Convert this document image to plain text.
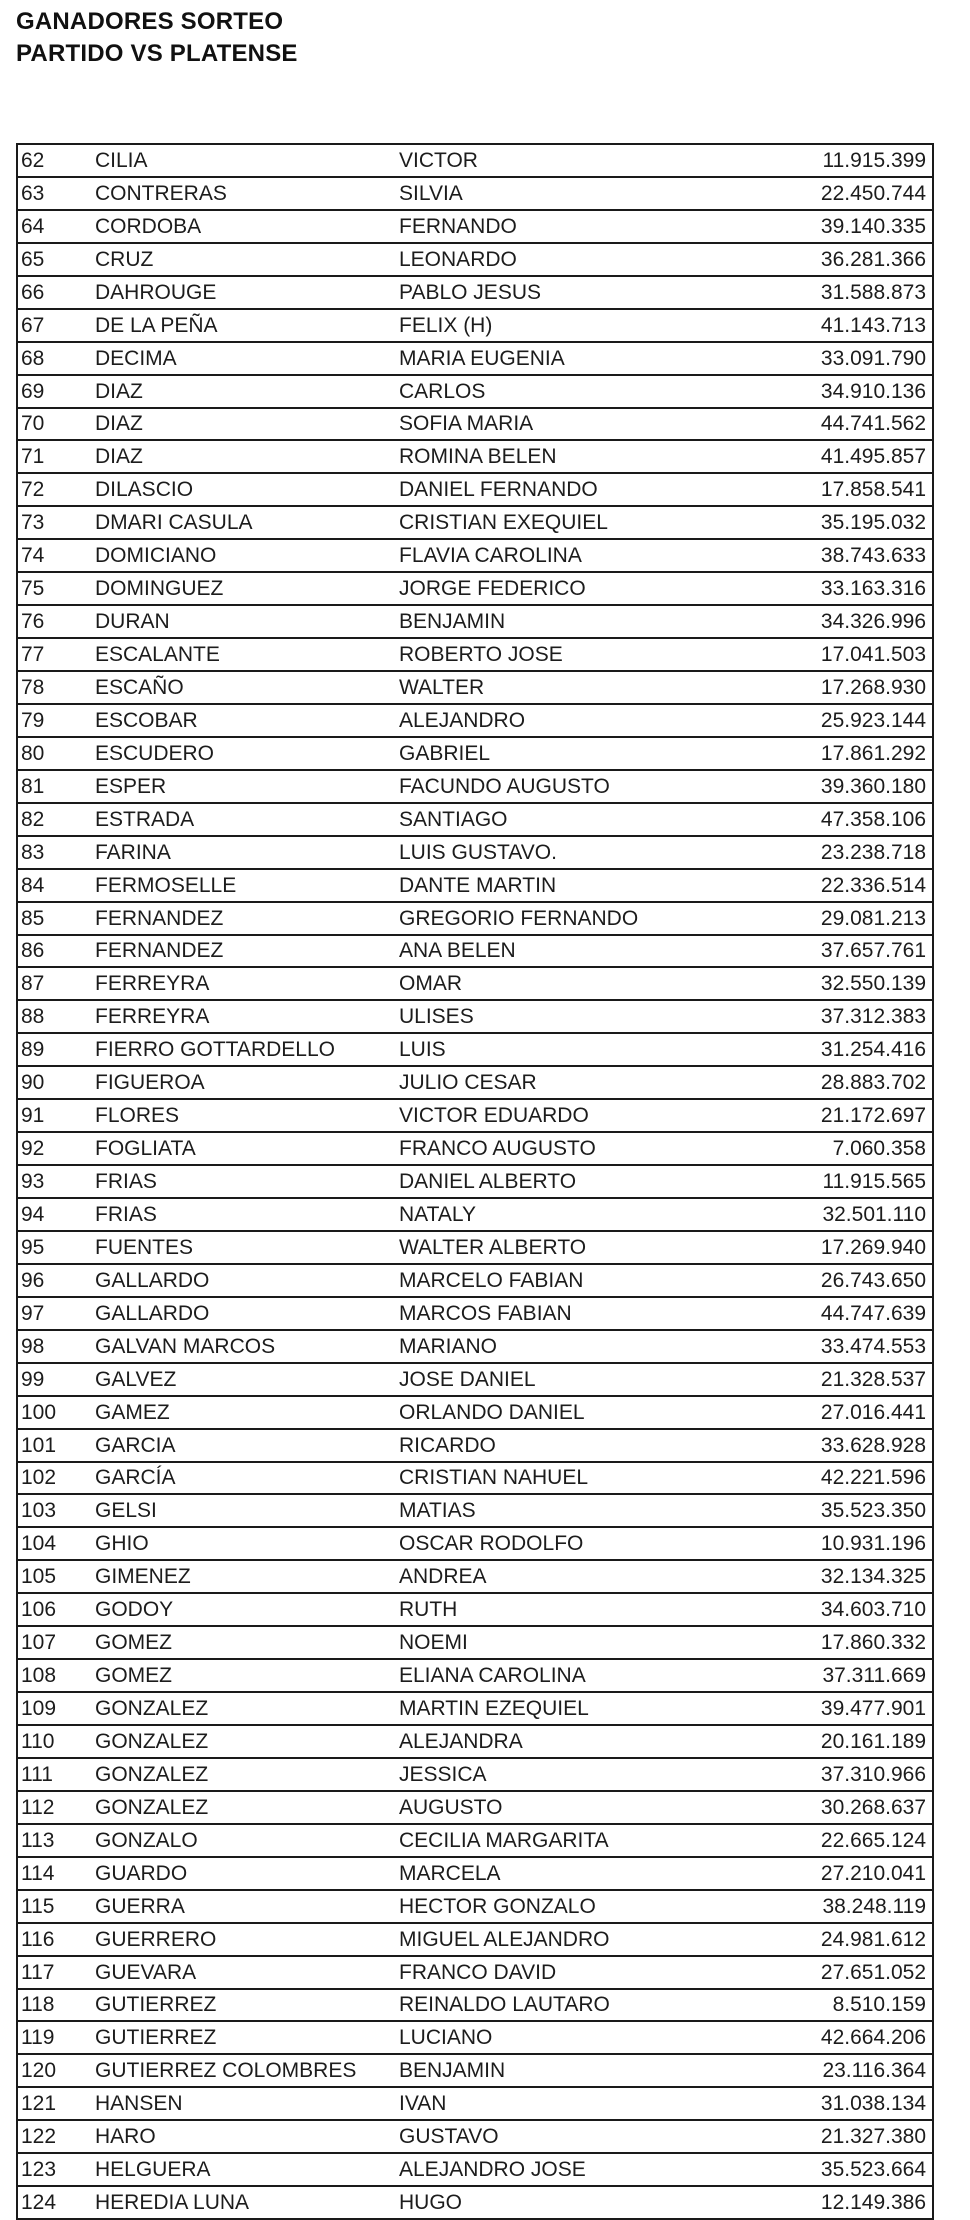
GANADORES SORTEO
PARTIDO VS PLATENSE
62	CILIA	VICTOR	11.915.399
63	CONTRERAS	SILVIA	22.450.744
64	CORDOBA	FERNANDO	39.140.335
65	CRUZ	LEONARDO	36.281.366
66	DAHROUGE	PABLO JESUS	31.588.873
67	DE LA PEÑA	FELIX (H)	41.143.713
68	DECIMA	MARIA EUGENIA	33.091.790
69	DIAZ	CARLOS	34.910.136
70	DIAZ	SOFIA MARIA	44.741.562
71	DIAZ	ROMINA BELEN	41.495.857
72	DILASCIO	DANIEL FERNANDO	17.858.541
73	DMARI CASULA	CRISTIAN EXEQUIEL	35.195.032
74	DOMICIANO	FLAVIA CAROLINA	38.743.633
75	DOMINGUEZ	JORGE FEDERICO	33.163.316
76	DURAN	BENJAMIN	34.326.996
77	ESCALANTE	ROBERTO JOSE	17.041.503
78	ESCAÑO	WALTER	17.268.930
79	ESCOBAR	ALEJANDRO	25.923.144
80	ESCUDERO	GABRIEL	17.861.292
81	ESPER	FACUNDO AUGUSTO	39.360.180
82	ESTRADA	SANTIAGO	47.358.106
83	FARINA	LUIS GUSTAVO.	23.238.718
84	FERMOSELLE	DANTE MARTIN	22.336.514
85	FERNANDEZ	GREGORIO FERNANDO	29.081.213
86	FERNANDEZ	ANA BELEN	37.657.761
87	FERREYRA	OMAR	32.550.139
88	FERREYRA	ULISES	37.312.383
89	FIERRO GOTTARDELLO	LUIS	31.254.416
90	FIGUEROA	JULIO CESAR	28.883.702
91	FLORES	VICTOR EDUARDO	21.172.697
92	FOGLIATA	FRANCO AUGUSTO	7.060.358
93	FRIAS	DANIEL ALBERTO	11.915.565
94	FRIAS	NATALY	32.501.110
95	FUENTES	WALTER ALBERTO	17.269.940
96	GALLARDO	MARCELO FABIAN	26.743.650
97	GALLARDO	MARCOS FABIAN	44.747.639
98	GALVAN MARCOS	MARIANO	33.474.553
99	GALVEZ	JOSE DANIEL	21.328.537
100	GAMEZ	ORLANDO DANIEL	27.016.441
101	GARCIA	RICARDO	33.628.928
102	GARCÍA	CRISTIAN NAHUEL	42.221.596
103	GELSI	MATIAS	35.523.350
104	GHIO	OSCAR RODOLFO	10.931.196
105	GIMENEZ	ANDREA	32.134.325
106	GODOY	RUTH	34.603.710
107	GOMEZ	NOEMI	17.860.332
108	GOMEZ	ELIANA CAROLINA	37.311.669
109	GONZALEZ	MARTIN EZEQUIEL	39.477.901
110	GONZALEZ	ALEJANDRA	20.161.189
111	GONZALEZ	JESSICA	37.310.966
112	GONZALEZ	AUGUSTO	30.268.637
113	GONZALO	CECILIA MARGARITA	22.665.124
114	GUARDO	MARCELA	27.210.041
115	GUERRA	HECTOR GONZALO	38.248.119
116	GUERRERO	MIGUEL ALEJANDRO	24.981.612
117	GUEVARA	FRANCO DAVID	27.651.052
118	GUTIERREZ	REINALDO LAUTARO	8.510.159
119	GUTIERREZ	LUCIANO	42.664.206
120	GUTIERREZ COLOMBRES	BENJAMIN	23.116.364
121	HANSEN	IVAN	31.038.134
122	HARO	GUSTAVO	21.327.380
123	HELGUERA	ALEJANDRO JOSE	35.523.664
124	HEREDIA LUNA	HUGO	12.149.386
